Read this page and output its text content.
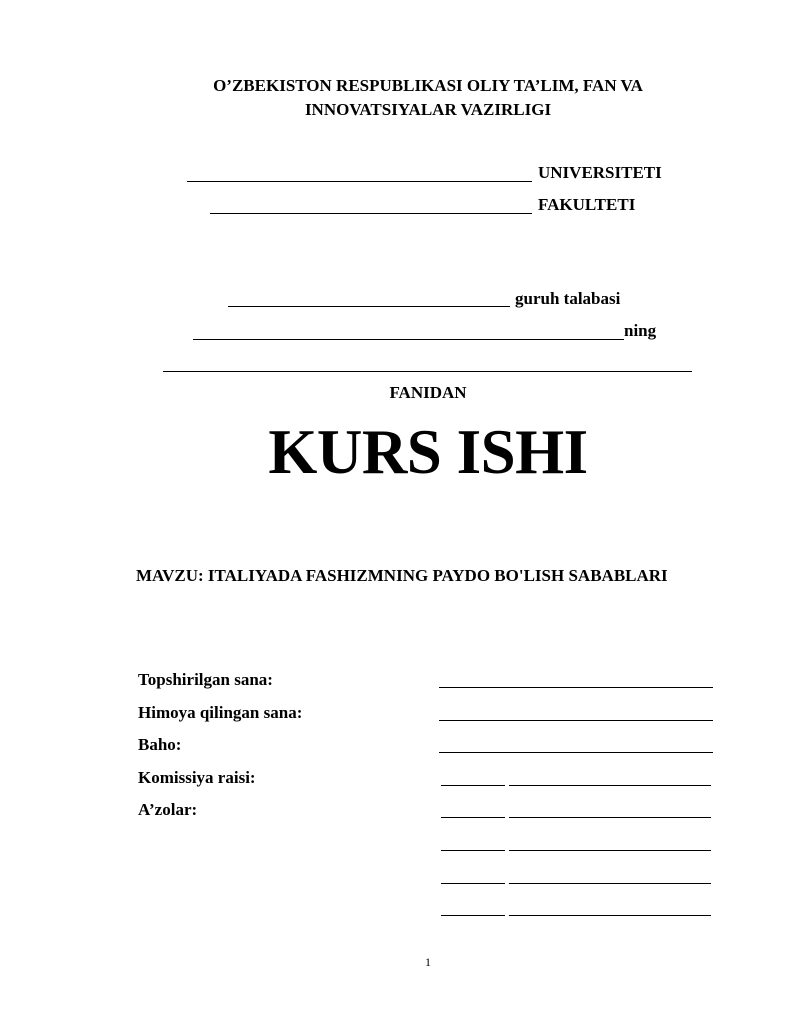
O’ZBEKISTON RESPUBLIKASI OLIY TA’LIM, FAN VA
INNOVATSIYALAR VAZIRLIGI
UNIVERSITETI
FAKULTETI
guruh talabasi
ning
FANIDAN
KURS ISHI
MAVZU: ITALIYADA FASHIZMNING PAYDO BO'LISH SABABLARI
Topshirilgan sana:
Himoya qilingan sana:
Baho:
Komissiya raisi:
A’zolar:
1
